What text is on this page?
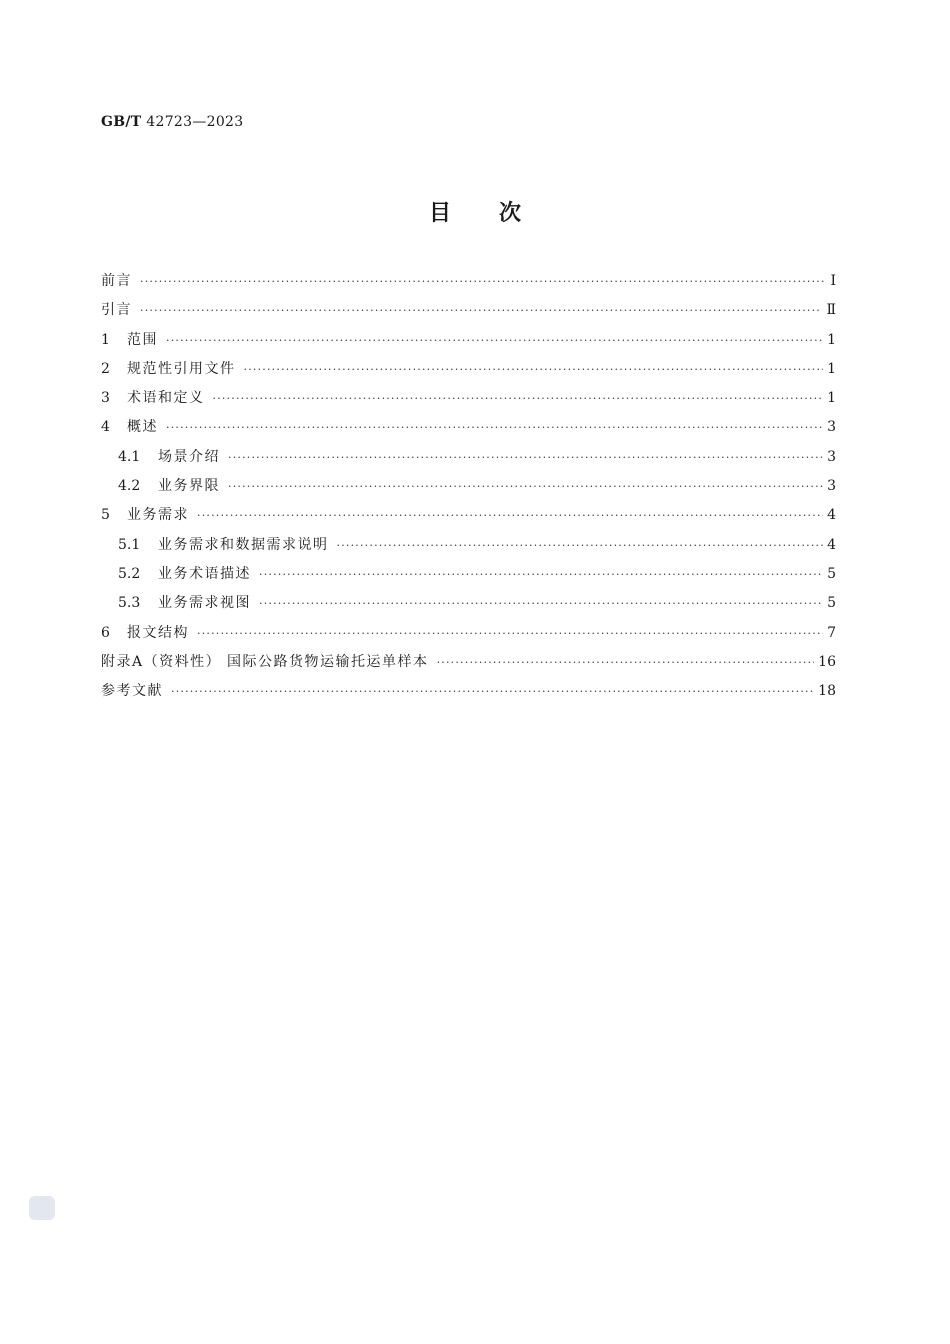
GB/T 42723—2023
目 次
前言 ·····	Ⅰ
引言 ·····	Ⅱ
1	范围 ·····	1
2	规范性引用文件 ·····	1
3	术语和定义 ·····	1
4	概述 ·····	3
4.1	场景介绍 ·····	3
4.2	业务界限 ·····	3
5	业务需求 ·····	4
5.1	业务需求和数据需求说明 ·····	4
5.2	业务术语描述 ·····	5
5.3	业务需求视图 ·····	5
6	报文结构 ·····	7
附录A（资料性） 国际公路货物运输托运单样本 ·····	16
参考文献 ·····	18
